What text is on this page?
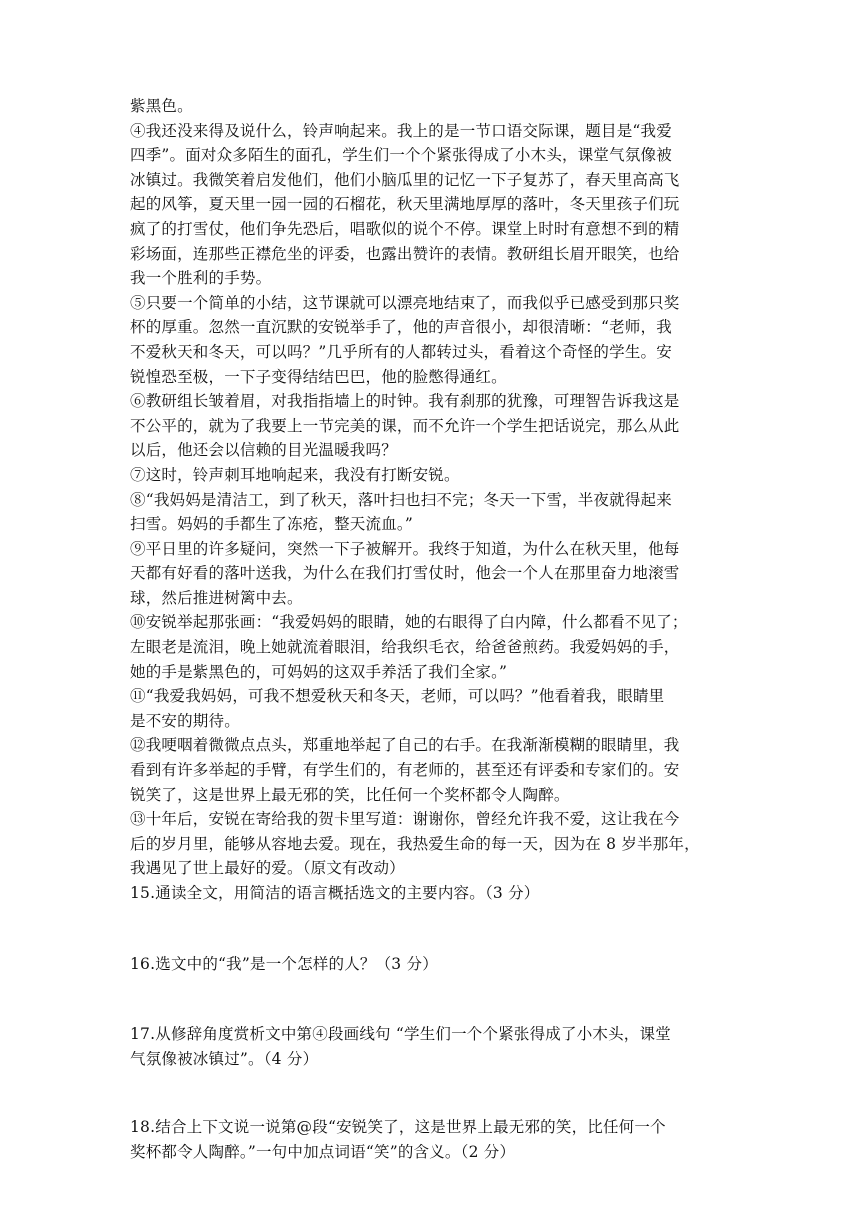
紫黑色。
④我还没来得及说什么，铃声响起来。我上的是一节口语交际课，题目是“我爱
四季”。面对众多陌生的面孔，学生们一个个紧张得成了小木头，课堂气氛像被
冰镇过。我微笑着启发他们，他们小脑瓜里的记忆一下子复苏了，春天里高高飞
起的风筝，夏天里一园一园的石榴花，秋天里满地厚厚的落叶，冬天里孩子们玩
疯了的打雪仗，他们争先恐后，唱歌似的说个不停。课堂上时时有意想不到的精
彩场面，连那些正襟危坐的评委，也露出赞许的表情。教研组长眉开眼笑，也给
我一个胜利的手势。
⑤只要一个简单的小结，这节课就可以漂亮地结束了，而我似乎已感受到那只奖
杯的厚重。忽然一直沉默的安锐举手了，他的声音很小，却很清晰：“老师，我
不爱秋天和冬天，可以吗？”几乎所有的人都转过头，看着这个奇怪的学生。安
锐惶恐至极，一下子变得结结巴巴，他的脸憋得通红。
⑥教研组长皱着眉，对我指指墙上的时钟。我有刹那的犹豫，可理智告诉我这是
不公平的，就为了我要上一节完美的课，而不允许一个学生把话说完，那么从此
以后，他还会以信赖的目光温暖我吗？
⑦这时，铃声刺耳地响起来，我没有打断安锐。
⑧“我妈妈是清洁工，到了秋天，落叶扫也扫不完；冬天一下雪，半夜就得起来
扫雪。妈妈的手都生了冻疮，整天流血。”
⑨平日里的许多疑问，突然一下子被解开。我终于知道，为什么在秋天里，他每
天都有好看的落叶送我，为什么在我们打雪仗时，他会一个人在那里奋力地滚雪
球，然后推进树篱中去。
⑩安锐举起那张画：“我爱妈妈的眼睛，她的右眼得了白内障，什么都看不见了；
左眼老是流泪，晚上她就流着眼泪，给我织毛衣，给爸爸煎药。我爱妈妈的手，
她的手是紫黑色的，可妈妈的这双手养活了我们全家。”
⑪“我爱我妈妈，可我不想爱秋天和冬天，老师，可以吗？”他看着我，眼睛里
是不安的期待。
⑫我哽咽着微微点点头，郑重地举起了自己的右手。在我渐渐模糊的眼睛里，我
看到有许多举起的手臂，有学生们的，有老师的，甚至还有评委和专家们的。安
锐笑了，这是世界上最无邪的笑，比任何一个奖杯都令人陶醉。
⑬十年后，安锐在寄给我的贺卡里写道：谢谢你，曾经允许我不爱，这让我在今
后的岁月里，能够从容地去爱。现在，我热爱生命的每一天，因为在 8 岁半那年，
我遇见了世上最好的爱。（原文有改动）
15.通读全文，用简洁的语言概括选文的主要内容。（3 分）
16.选文中的“我”是一个怎样的人？（3 分）
17.从修辞角度赏析文中第④段画线句 “学生们一个个紧张得成了小木头，课堂
气氛像被冰镇过”。（4 分）
18.结合上下文说一说第@段“安锐笑了，这是世界上最无邪的笑，比任何一个
奖杯都令人陶醉。”一句中加点词语“笑”的含义。（2 分）
